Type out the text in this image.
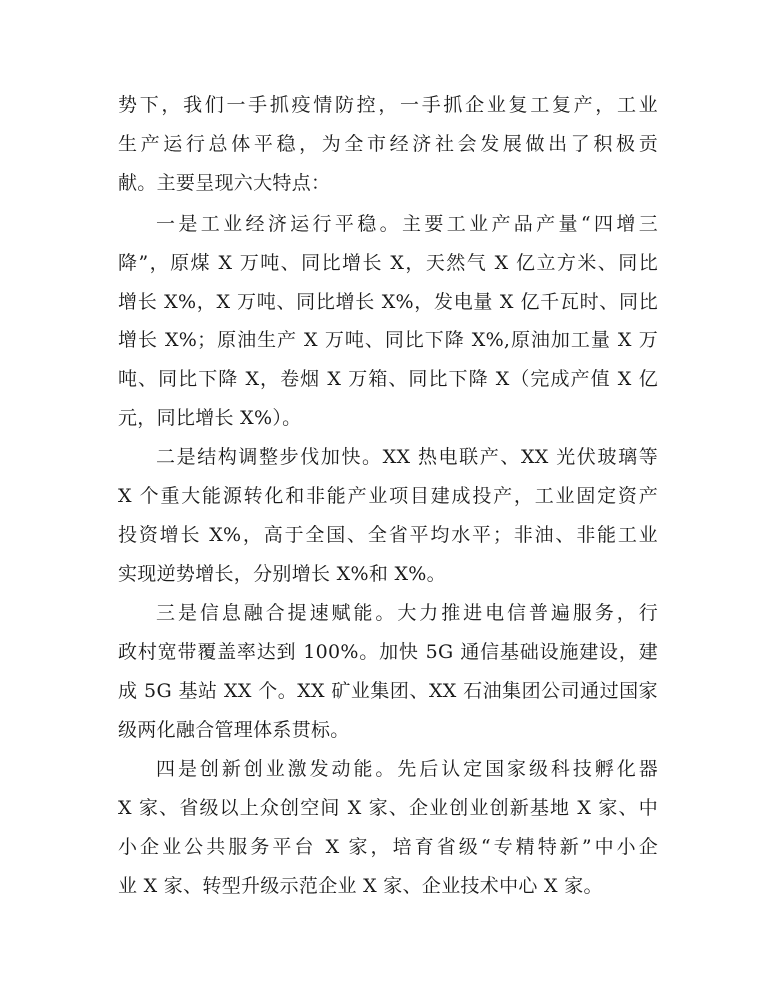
势下，我们一手抓疫情防控，一手抓企业复工复产，工业
生产运行总体平稳，为全市经济社会发展做出了积极贡
献。主要呈现六大特点：
一是工业经济运行平稳。主要工业产品产量“四增三
降”，原煤 X 万吨、同比增长 X，天然气 X 亿立方米、同比
增长 X%，X 万吨、同比增长 X%，发电量 X 亿千瓦时、同比
增长 X%；原油生产 X 万吨、同比下降 X%,原油加工量 X 万
吨、同比下降 X，卷烟 X 万箱、同比下降 X（完成产值 X 亿
元，同比增长 X%）。
二是结构调整步伐加快。XX 热电联产、XX 光伏玻璃等
X 个重大能源转化和非能产业项目建成投产，工业固定资产
投资增长 X%，高于全国、全省平均水平；非油、非能工业
实现逆势增长，分别增长 X%和 X%。
三是信息融合提速赋能。大力推进电信普遍服务，行
政村宽带覆盖率达到 100%。加快 5G 通信基础设施建设，建
成 5G 基站 XX 个。XX 矿业集团、XX 石油集团公司通过国家
级两化融合管理体系贯标。
四是创新创业激发动能。先后认定国家级科技孵化器
X 家、省级以上众创空间 X 家、企业创业创新基地 X 家、中
小企业公共服务平台 X 家，培育省级“专精特新”中小企
业 X 家、转型升级示范企业 X 家、企业技术中心 X 家。
